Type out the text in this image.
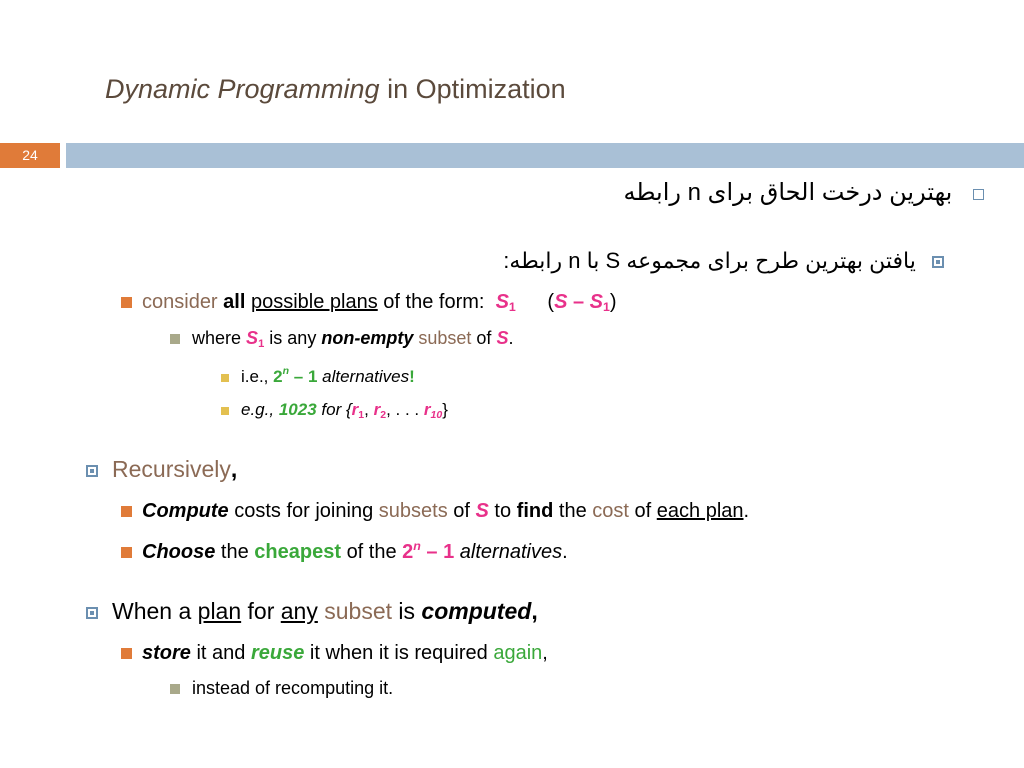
Dynamic Programming in Optimization
24
بهترین درخت الحاق برای n رابطه
یافتن بهترین طرح برای مجموعه S با n رابطه:
consider all possible plans of the form: $S_1$ $(S - S_1)$
where $S_1$ is any non-empty subset of S.
i.e., 2$^n$ – 1 alternatives!
e.g., 1023 for {$r_1$, $r_2$, . . . $r_{10}$}
Recursively,
Compute costs for joining subsets of S to find the cost of each plan.
Choose the cheapest of the 2$^n$ – 1 alternatives.
When a plan for any subset is computed,
store it and reuse it when it is required again,
instead of recomputing it.
